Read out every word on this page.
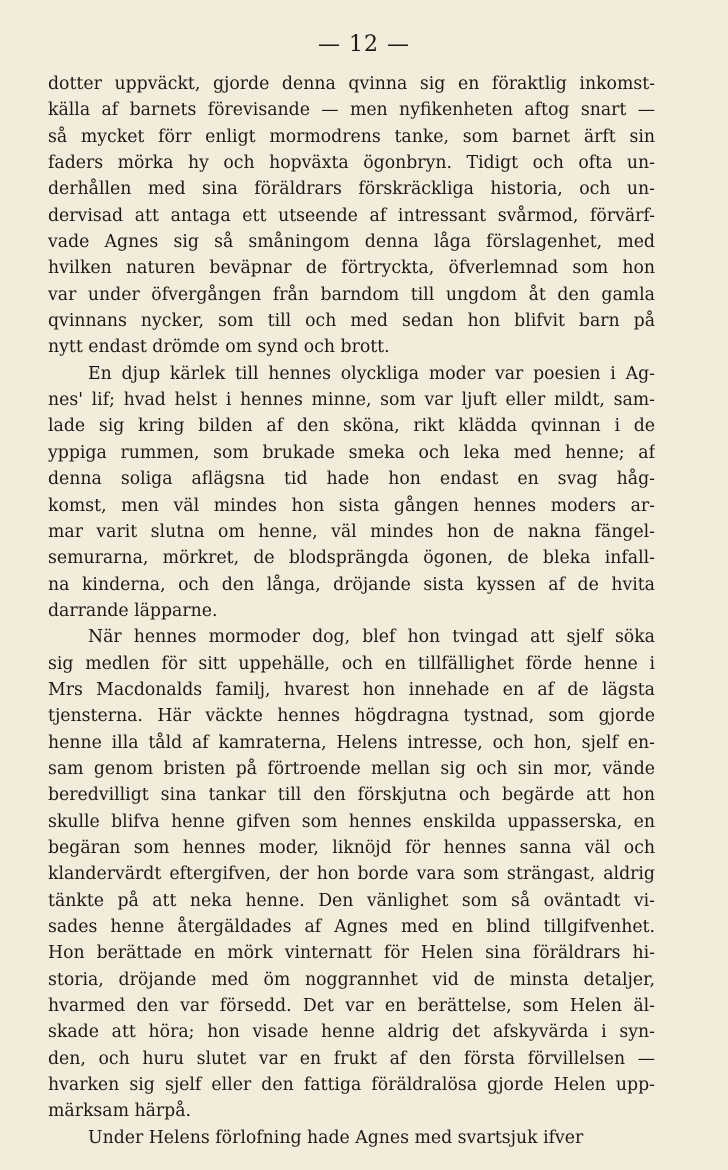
— 12 —
dotter uppväckt, gjorde denna qvinna sig en föraktlig inkomst-
källa af barnets förevisande — men nyfikenheten aftog snart —
så mycket förr enligt mormodrens tanke, som barnet ärft sin
faders mörka hy och hopväxta ögonbryn. Tidigt och ofta un-
derhållen med sina föräldrars förskräckliga historia, och un-
dervisad att antaga ett utseende af intressant svårmod, förvärf-
vade Agnes sig så småningom denna låga förslagenhet, med
hvilken naturen beväpnar de förtryckta, öfverlemnad som hon
var under öfvergången från barndom till ungdom åt den gamla
qvinnans nycker, som till och med sedan hon blifvit barn på
nytt endast drömde om synd och brott.
En djup kärlek till hennes olyckliga moder var poesien i Ag-
nes' lif; hvad helst i hennes minne, som var ljuft eller mildt, sam-
lade sig kring bilden af den sköna, rikt klädda qvinnan i de
yppiga rummen, som brukade smeka och leka med henne; af
denna soliga aflägsna tid hade hon endast en svag håg-
komst, men väl mindes hon sista gången hennes moders ar-
mar varit slutna om henne, väl mindes hon de nakna fängel-
semurarna, mörkret, de blodsprängda ögonen, de bleka infall-
na kinderna, och den långa, dröjande sista kyssen af de hvita
darrande läpparne.
När hennes mormoder dog, blef hon tvingad att sjelf söka
sig medlen för sitt uppehälle, och en tillfällighet förde henne i
Mrs Macdonalds familj, hvarest hon innehade en af de lägsta
tjensterna. Här väckte hennes högdragna tystnad, som gjorde
henne illa tåld af kamraterna, Helens intresse, och hon, sjelf en-
sam genom bristen på förtroende mellan sig och sin mor, vände
beredvilligt sina tankar till den förskjutna och begärde att hon
skulle blifva henne gifven som hennes enskilda uppasserska, en
begäran som hennes moder, liknöjd för hennes sanna väl och
klandervärdt eftergifven, der hon borde vara som strängast, aldrig
tänkte på att neka henne. Den vänlighet som så oväntadt vi-
sades henne återgäldades af Agnes med en blind tillgifvenhet.
Hon berättade en mörk vinternatt för Helen sina föräldrars hi-
storia, dröjande med öm noggrannhet vid de minsta detaljer,
hvarmed den var försedd. Det var en berättelse, som Helen äl-
skade att höra; hon visade henne aldrig det afskyvärda i syn-
den, och huru slutet var en frukt af den första förvillelsen —
hvarken sig sjelf eller den fattiga föräldralösa gjorde Helen upp-
märksam härpå.
Under Helens förlofning hade Agnes med svartsjuk ifver
